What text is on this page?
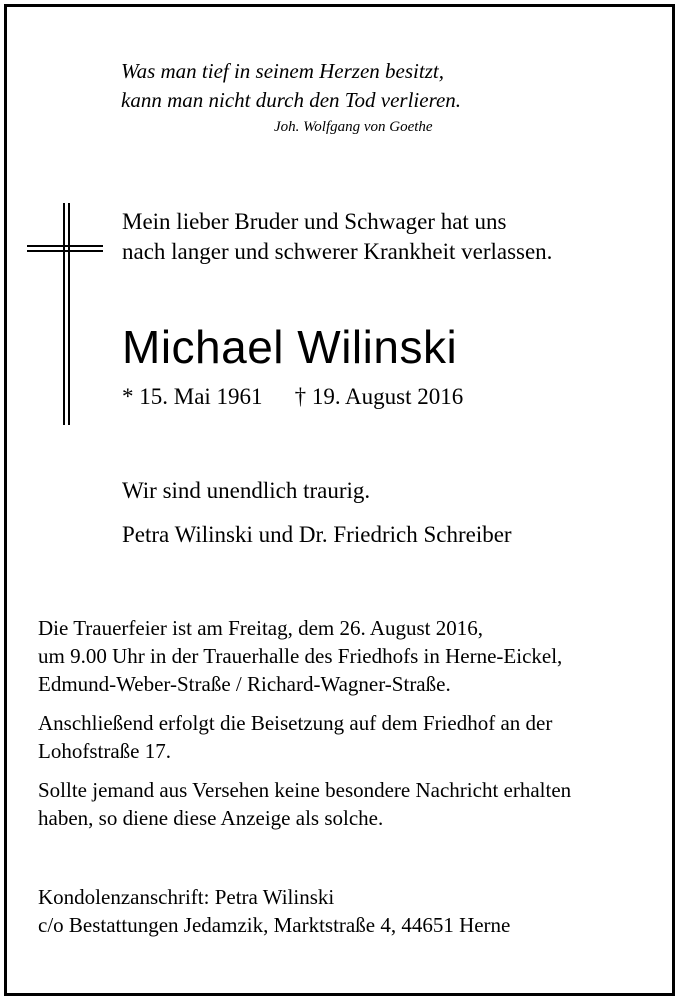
Was man tief in seinem Herzen besitzt,
kann man nicht durch den Tod verlieren.
Joh. Wolfgang von Goethe
Mein lieber Bruder und Schwager hat uns
nach langer und schwerer Krankheit verlassen.
Michael Wilinski
* 15. Mai 1961 † 19. August 2016
Wir sind unendlich traurig.
Petra Wilinski und Dr. Friedrich Schreiber

Die Trauerfeier ist am Freitag, dem 26. August 2016,
um 9.00 Uhr in der Trauerhalle des Friedhofs in Herne-Eickel,
Edmund-Weber-Straße / Richard-Wagner-Straße.

Anschließend erfolgt die Beisetzung auf dem Friedhof an der
Lohofstraße 17.

Sollte jemand aus Versehen keine besondere Nachricht erhalten
haben, so diene diese Anzeige als solche.

Kondolenzanschrift: Petra Wilinski
c/o Bestattungen Jedamzik, Marktstraße 4, 44651 Herne
